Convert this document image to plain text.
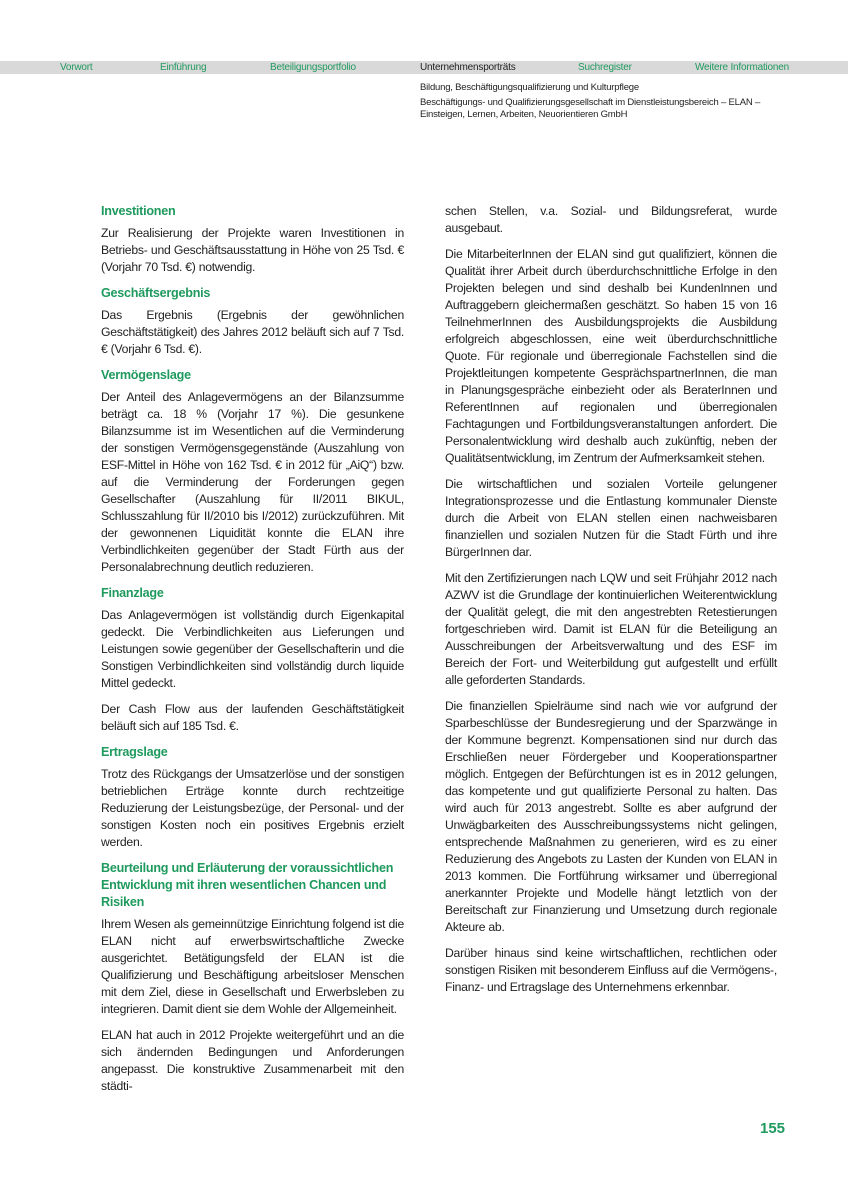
Vorwort	Einführung	Beteiligungsportfolio	Unternehmensporträts	Suchregister	Weitere Informationen
Bildung, Beschäftigungsqualifizierung und Kulturpflege
Beschäftigungs- und Qualifizierungsgesellschaft im Dienstleistungsbereich – ELAN –
Einsteigen, Lernen, Arbeiten, Neuorientieren GmbH
Investitionen

Zur Realisierung der Projekte waren Investitionen in Betriebs- und Geschäftsausstattung in Höhe von 25 Tsd. € (Vorjahr 70 Tsd. €) notwendig.

Geschäftsergebnis

Das Ergebnis (Ergebnis der gewöhnlichen Geschäftstätigkeit) des Jahres 2012 beläuft sich auf 7 Tsd. € (Vorjahr 6 Tsd. €).

Vermögenslage

Der Anteil des Anlagevermögens an der Bilanzsumme beträgt ca. 18 % (Vorjahr 17 %). Die gesunkene Bilanzsumme ist im Wesentlichen auf die Verminderung der sonstigen Vermögensgegenstände (Auszahlung von ESF-Mittel in Höhe von 162 Tsd. € in 2012 für „AiQ“) bzw. auf die Verminderung der Forderungen gegen Gesellschafter (Auszahlung für II/2011 BIKUL, Schlusszahlung für II/2010 bis I/2012) zurückzuführen. Mit der gewonnenen Liquidität konnte die ELAN ihre Verbindlichkeiten gegenüber der Stadt Fürth aus der Personalabrechnung deutlich reduzieren.

Finanzlage

Das Anlagevermögen ist vollständig durch Eigenkapital gedeckt. Die Verbindlichkeiten aus Lieferungen und Leistungen sowie gegenüber der Gesellschafterin und die Sonstigen Verbindlichkeiten sind vollständig durch liquide Mittel gedeckt.

Der Cash Flow aus der laufenden Geschäftstätigkeit beläuft sich auf 185 Tsd. €.

Ertragslage

Trotz des Rückgangs der Umsatzerlöse und der sonstigen betrieblichen Erträge konnte durch rechtzeitige Reduzierung der Leistungsbezüge, der Personal- und der sonstigen Kosten noch ein positives Ergebnis erzielt werden.

Beurteilung und Erläuterung der voraussichtlichen Entwicklung mit ihren wesentlichen Chancen und Risiken

Ihrem Wesen als gemeinnützige Einrichtung folgend ist die ELAN nicht auf erwerbswirtschaftliche Zwecke ausgerichtet. Betätigungsfeld der ELAN ist die Qualifizierung und Beschäftigung arbeitsloser Menschen mit dem Ziel, diese in Gesellschaft und Erwerbsleben zu integrieren. Damit dient sie dem Wohle der Allgemeinheit.

ELAN hat auch in 2012 Projekte weitergeführt und an die sich ändernden Bedingungen und Anforderungen angepasst. Die konstruktive Zusammenarbeit mit den städti-

schen Stellen, v.a. Sozial- und Bildungsreferat, wurde ausgebaut.

Die MitarbeiterInnen der ELAN sind gut qualifiziert, können die Qualität ihrer Arbeit durch überdurchschnittliche Erfolge in den Projekten belegen und sind deshalb bei KundenInnen und Auftraggebern gleichermaßen geschätzt. So haben 15 von 16 TeilnehmerInnen des Ausbildungsprojekts die Ausbildung erfolgreich abgeschlossen, eine weit überdurchschnittliche Quote. Für regionale und überregionale Fachstellen sind die Projektleitungen kompetente GesprächspartnerInnen, die man in Planungsgespräche einbezieht oder als BeraterInnen und ReferentInnen auf regionalen und überregionalen Fachtagungen und Fortbildungsveranstaltungen anfordert. Die Personalentwicklung wird deshalb auch zukünftig, neben der Qualitätsentwicklung, im Zentrum der Aufmerksamkeit stehen.

Die wirtschaftlichen und sozialen Vorteile gelungener Integrationsprozesse und die Entlastung kommunaler Dienste durch die Arbeit von ELAN stellen einen nachweisbaren finanziellen und sozialen Nutzen für die Stadt Fürth und ihre BürgerInnen dar.

Mit den Zertifizierungen nach LQW und seit Frühjahr 2012 nach AZWV ist die Grundlage der kontinuierlichen Weiterentwicklung der Qualität gelegt, die mit den angestrebten Retestierungen fortgeschrieben wird. Damit ist ELAN für die Beteiligung an Ausschreibungen der Arbeitsverwaltung und des ESF im Bereich der Fort- und Weiterbildung gut aufgestellt und erfüllt alle geforderten Standards.

Die finanziellen Spielräume sind nach wie vor aufgrund der Sparbeschlüsse der Bundesregierung und der Sparzwänge in der Kommune begrenzt. Kompensationen sind nur durch das Erschließen neuer Fördergeber und Kooperationspartner möglich. Entgegen der Befürchtungen ist es in 2012 gelungen, das kompetente und gut qualifizierte Personal zu halten. Das wird auch für 2013 angestrebt. Sollte es aber aufgrund der Unwägbarkeiten des Ausschreibungssystems nicht gelingen, entsprechende Maßnahmen zu generieren, wird es zu einer Reduzierung des Angebots zu Lasten der Kunden von ELAN in 2013 kommen. Die Fortführung wirksamer und überregional anerkannter Projekte und Modelle hängt letztlich von der Bereitschaft zur Finanzierung und Umsetzung durch regionale Akteure ab.

Darüber hinaus sind keine wirtschaftlichen, rechtlichen oder sonstigen Risiken mit besonderem Einfluss auf die Vermögens-, Finanz- und Ertragslage des Unternehmens erkennbar.

155
